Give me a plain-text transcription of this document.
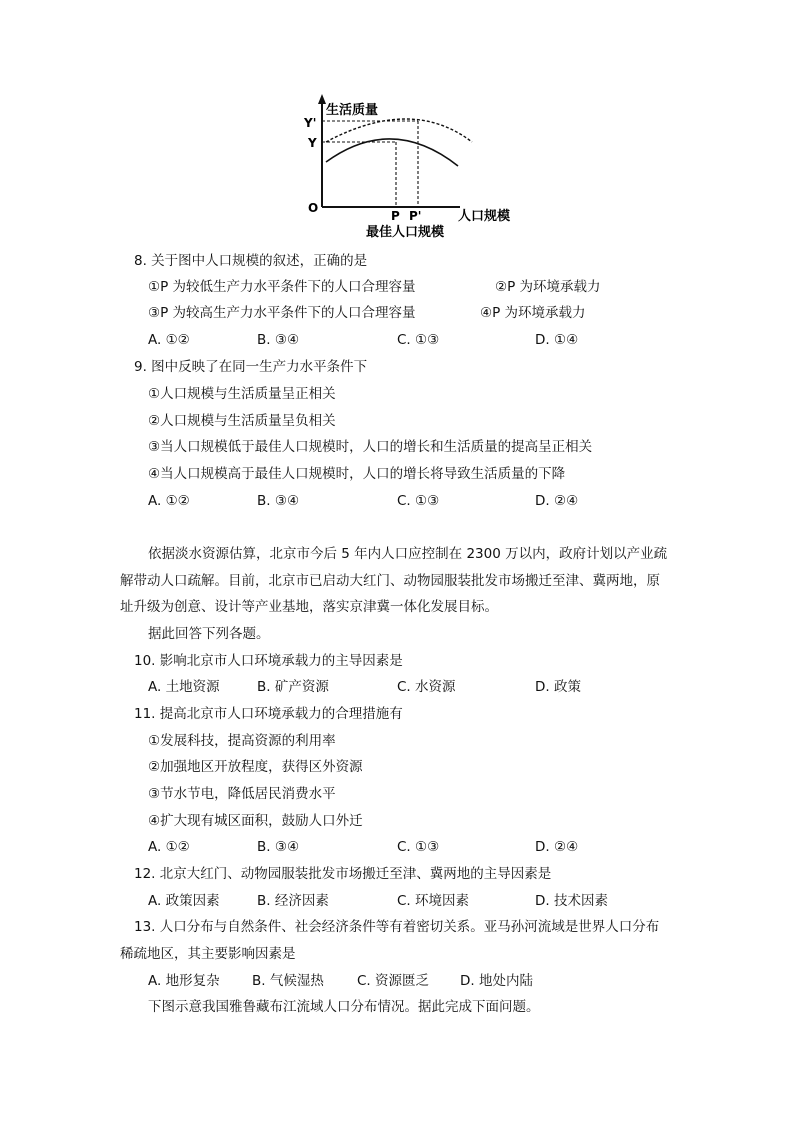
生活质量
Y'
Y
O
P P'	人口规模
最佳人口规模
8. 关于图中人口规模的叙述，正确的是
①P 为较低生产力水平条件下的人口合理容量	②P 为环境承载力
③P 为较高生产力水平条件下的人口合理容量	④P 为环境承载力
A. ①②	B. ③④	C. ①③	D. ①④
9. 图中反映了在同一生产力水平条件下
①人口规模与生活质量呈正相关
②人口规模与生活质量呈负相关
③当人口规模低于最佳人口规模时，人口的增长和生活质量的提高呈正相关
④当人口规模高于最佳人口规模时，人口的增长将导致生活质量的下降
A. ①②	B. ③④	C. ①③	D. ②④
依据淡水资源估算，北京市今后 5 年内人口应控制在 2300 万以内，政府计划以产业疏
解带动人口疏解。目前，北京市已启动大红门、动物园服装批发市场搬迁至津、冀两地，原
址升级为创意、设计等产业基地，落实京津冀一体化发展目标。
据此回答下列各题。
10. 影响北京市人口环境承载力的主导因素是
A. 土地资源	B. 矿产资源	C. 水资源	D. 政策
11. 提高北京市人口环境承载力的合理措施有
①发展科技，提高资源的利用率
②加强地区开放程度，获得区外资源
③节水节电，降低居民消费水平
④扩大现有城区面积，鼓励人口外迁
A. ①②	B. ③④	C. ①③	D. ②④
12. 北京大红门、动物园服装批发市场搬迁至津、冀两地的主导因素是
A. 政策因素	B. 经济因素	C. 环境因素	D. 技术因素
13. 人口分布与自然条件、社会经济条件等有着密切关系。亚马孙河流域是世界人口分布
稀疏地区，其主要影响因素是
A. 地形复杂 B. 气候湿热 C. 资源匮乏 D. 地处内陆
下图示意我国雅鲁藏布江流域人口分布情况。据此完成下面问题。
